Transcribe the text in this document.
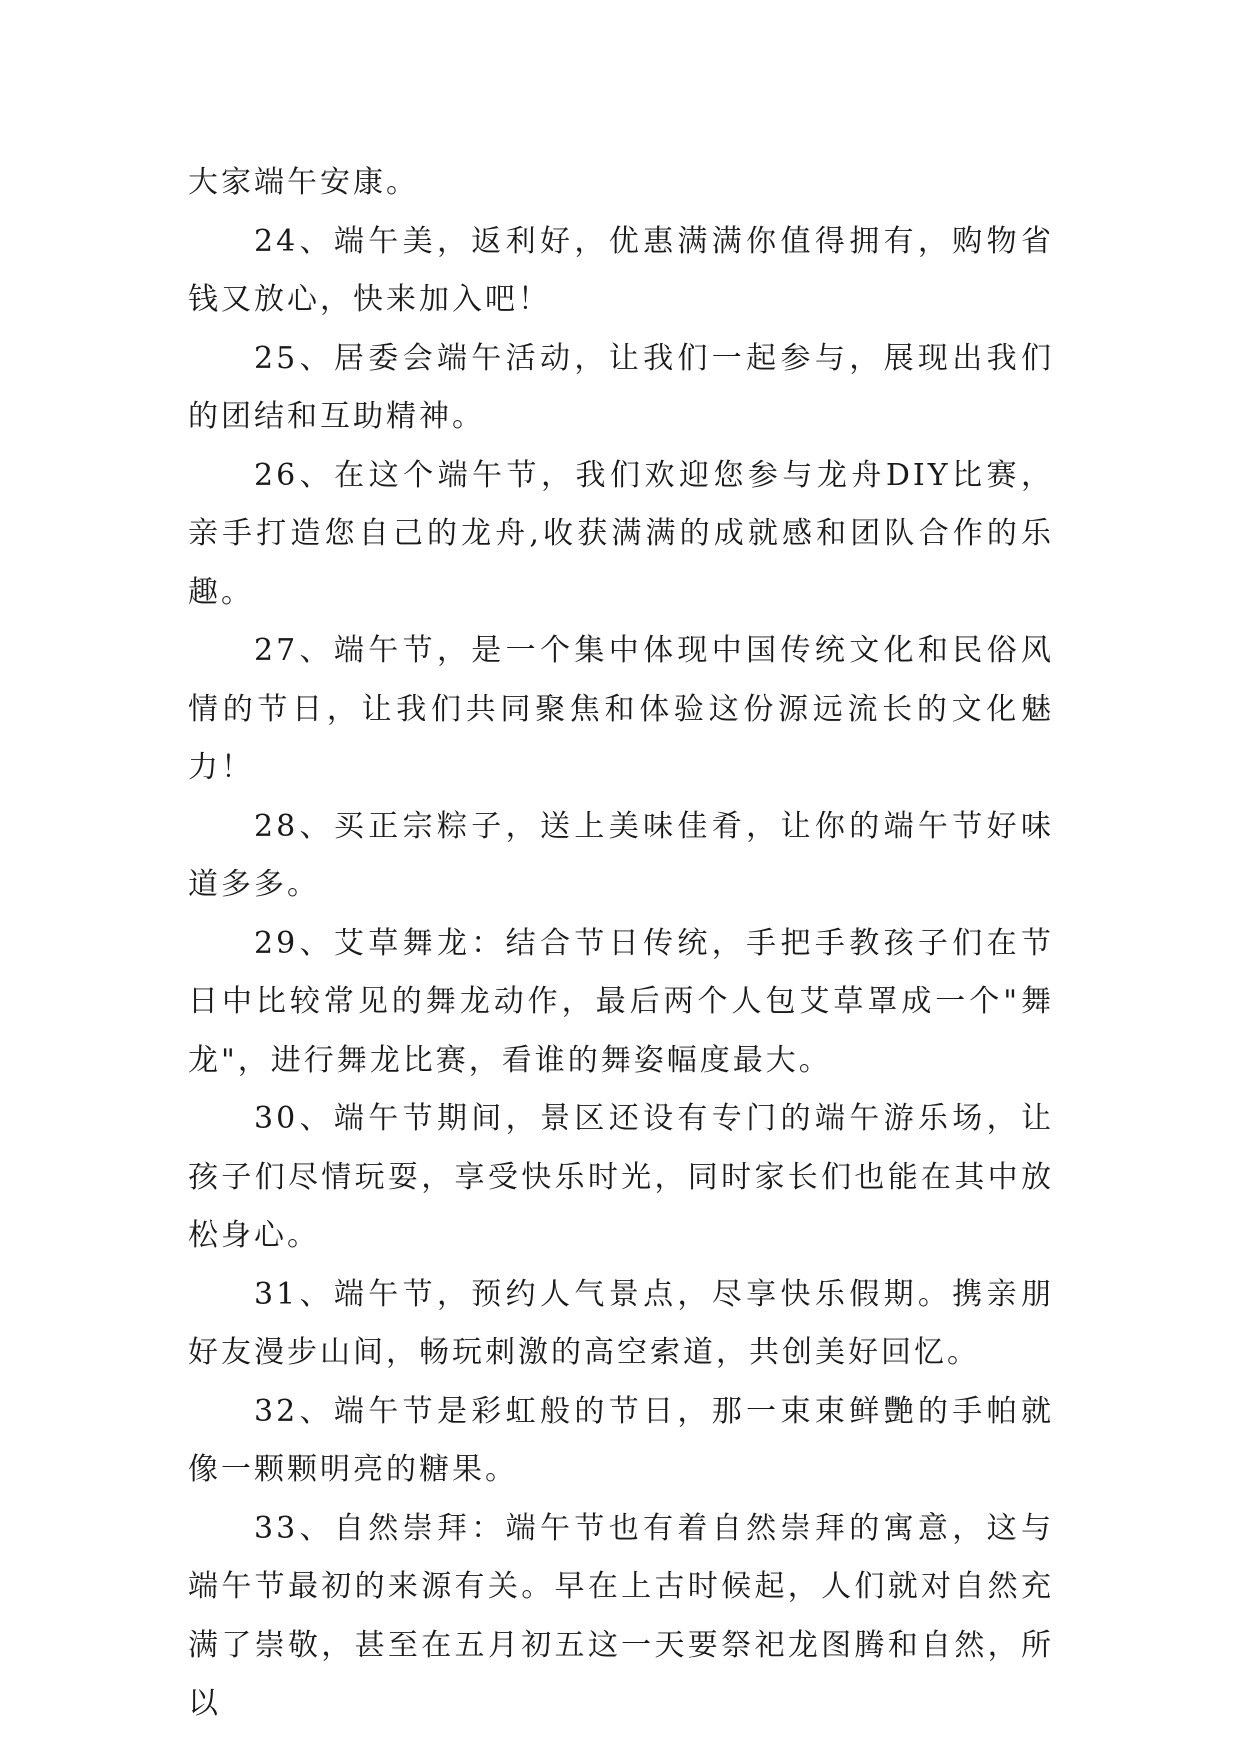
大家端午安康。

24、端午美，返利好，优惠满满你值得拥有，购物省钱又放心，快来加入吧！

25、居委会端午活动，让我们一起参与，展现出我们的团结和互助精神。

26、在这个端午节，我们欢迎您参与龙舟DIY比赛，亲手打造您自己的龙舟,收获满满的成就感和团队合作的乐趣。

27、端午节，是一个集中体现中国传统文化和民俗风情的节日，让我们共同聚焦和体验这份源远流长的文化魅力！

28、买正宗粽子，送上美味佳肴，让你的端午节好味道多多。

29、艾草舞龙：结合节日传统，手把手教孩子们在节日中比较常见的舞龙动作，最后两个人包艾草罩成一个"舞龙"，进行舞龙比赛，看谁的舞姿幅度最大。

30、端午节期间，景区还设有专门的端午游乐场，让孩子们尽情玩耍，享受快乐时光，同时家长们也能在其中放松身心。

31、端午节，预约人气景点，尽享快乐假期。携亲朋好友漫步山间，畅玩刺激的高空索道，共创美好回忆。

32、端午节是彩虹般的节日，那一束束鲜艷的手帕就像一颗颗明亮的糖果。

33、自然崇拜：端午节也有着自然崇拜的寓意，这与端午节最初的来源有关。早在上古时候起，人们就对自然充满了崇敬，甚至在五月初五这一天要祭祀龙图腾和自然，所以
